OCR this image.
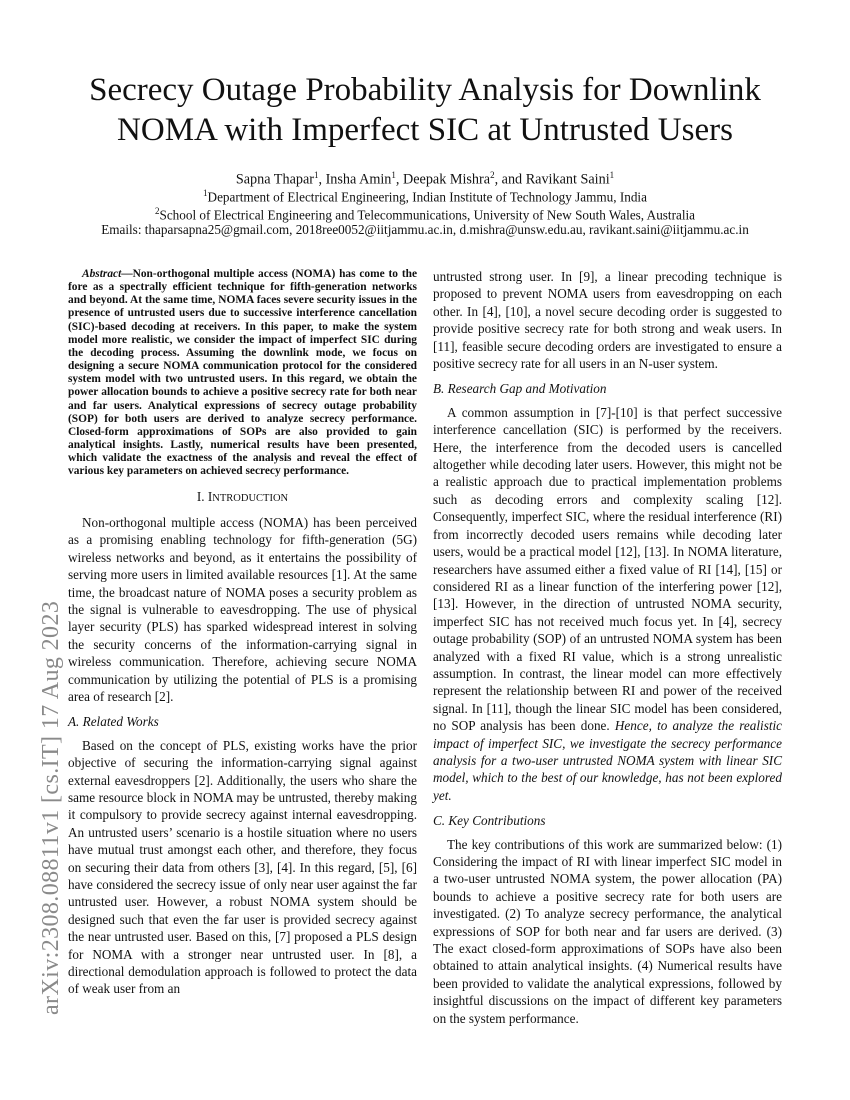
Secrecy Outage Probability Analysis for Downlink
NOMA with Imperfect SIC at Untrusted Users
Sapna Thapar$^1$, Insha Amin$^1$, Deepak Mishra$^2$, and Ravikant Saini$^1$
$^1$Department of Electrical Engineering, Indian Institute of Technology Jammu, India
$^2$School of Electrical Engineering and Telecommunications, University of New South Wales, Australia
Emails: thaparsapna25@gmail.com, 2018ree0052@iitjammu.ac.in, d.mishra@unsw.edu.au, ravikant.saini@iitjammu.ac.in
arXiv:2308.08811v1 [cs.IT] 17 Aug 2023

Abstract—Non-orthogonal multiple access (NOMA) has come to the fore as a spectrally efficient technique for fifth-generation networks and beyond. At the same time, NOMA faces severe security issues in the presence of untrusted users due to successive interference cancellation (SIC)-based decoding at receivers. In this paper, to make the system model more realistic, we consider the impact of imperfect SIC during the decoding process. Assuming the downlink mode, we focus on designing a secure NOMA communication protocol for the considered system model with two untrusted users. In this regard, we obtain the power allocation bounds to achieve a positive secrecy rate for both near and far users. Analytical expressions of secrecy outage probability (SOP) for both users are derived to analyze secrecy performance. Closed-form approximations of SOPs are also provided to gain analytical insights. Lastly, numerical results have been presented, which validate the exactness of the analysis and reveal the effect of various key parameters on achieved secrecy performance.

I. INTRODUCTION

Non-orthogonal multiple access (NOMA) has been perceived as a promising enabling technology for fifth-generation (5G) wireless networks and beyond, as it entertains the possibility of serving more users in limited available resources [1]. At the same time, the broadcast nature of NOMA poses a security problem as the signal is vulnerable to eavesdropping. The use of physical layer security (PLS) has sparked widespread interest in solving the security concerns of the information-carrying signal in wireless communication. Therefore, achieving secure NOMA communication by utilizing the potential of PLS is a promising area of research [2].

A. Related Works

Based on the concept of PLS, existing works have the prior objective of securing the information-carrying signal against external eavesdroppers [2]. Additionally, the users who share the same resource block in NOMA may be untrusted, thereby making it compulsory to provide secrecy against internal eavesdropping. An untrusted users’ scenario is a hostile situation where no users have mutual trust amongst each other, and therefore, they focus on securing their data from others [3], [4]. In this regard, [5], [6] have considered the secrecy issue of only near user against the far untrusted user. However, a robust NOMA system should be designed such that even the far user is provided secrecy against the near untrusted user. Based on this, [7] proposed a PLS design for NOMA with a stronger near untrusted user. In [8], a directional demodulation approach is followed to protect the data of weak user from an

untrusted strong user. In [9], a linear precoding technique is proposed to prevent NOMA users from eavesdropping on each other. In [4], [10], a novel secure decoding order is suggested to provide positive secrecy rate for both strong and weak users. In [11], feasible secure decoding orders are investigated to ensure a positive secrecy rate for all users in an N-user system.

B. Research Gap and Motivation

A common assumption in [7]-[10] is that perfect successive interference cancellation (SIC) is performed by the receivers. Here, the interference from the decoded users is cancelled altogether while decoding later users. However, this might not be a realistic approach due to practical implementation problems such as decoding errors and complexity scaling [12]. Consequently, imperfect SIC, where the residual interference (RI) from incorrectly decoded users remains while decoding later users, would be a practical model [12], [13]. In NOMA literature, researchers have assumed either a fixed value of RI [14], [15] or considered RI as a linear function of the interfering power [12], [13]. However, in the direction of untrusted NOMA security, imperfect SIC has not received much focus yet. In [4], secrecy outage probability (SOP) of an untrusted NOMA system has been analyzed with a fixed RI value, which is a strong unrealistic assumption. In contrast, the linear model can more effectively represent the relationship between RI and power of the received signal. In [11], though the linear SIC model has been considered, no SOP analysis has been done. Hence, to analyze the realistic impact of imperfect SIC, we investigate the secrecy performance analysis for a two-user untrusted NOMA system with linear SIC model, which to the best of our knowledge, has not been explored yet.

C. Key Contributions

The key contributions of this work are summarized below: (1) Considering the impact of RI with linear imperfect SIC model in a two-user untrusted NOMA system, the power allocation (PA) bounds to achieve a positive secrecy rate for both users are investigated. (2) To analyze secrecy performance, the analytical expressions of SOP for both near and far users are derived. (3) The exact closed-form approximations of SOPs have also been obtained to attain analytical insights. (4) Numerical results have been provided to validate the analytical expressions, followed by insightful discussions on the impact of different key parameters on the system performance.
